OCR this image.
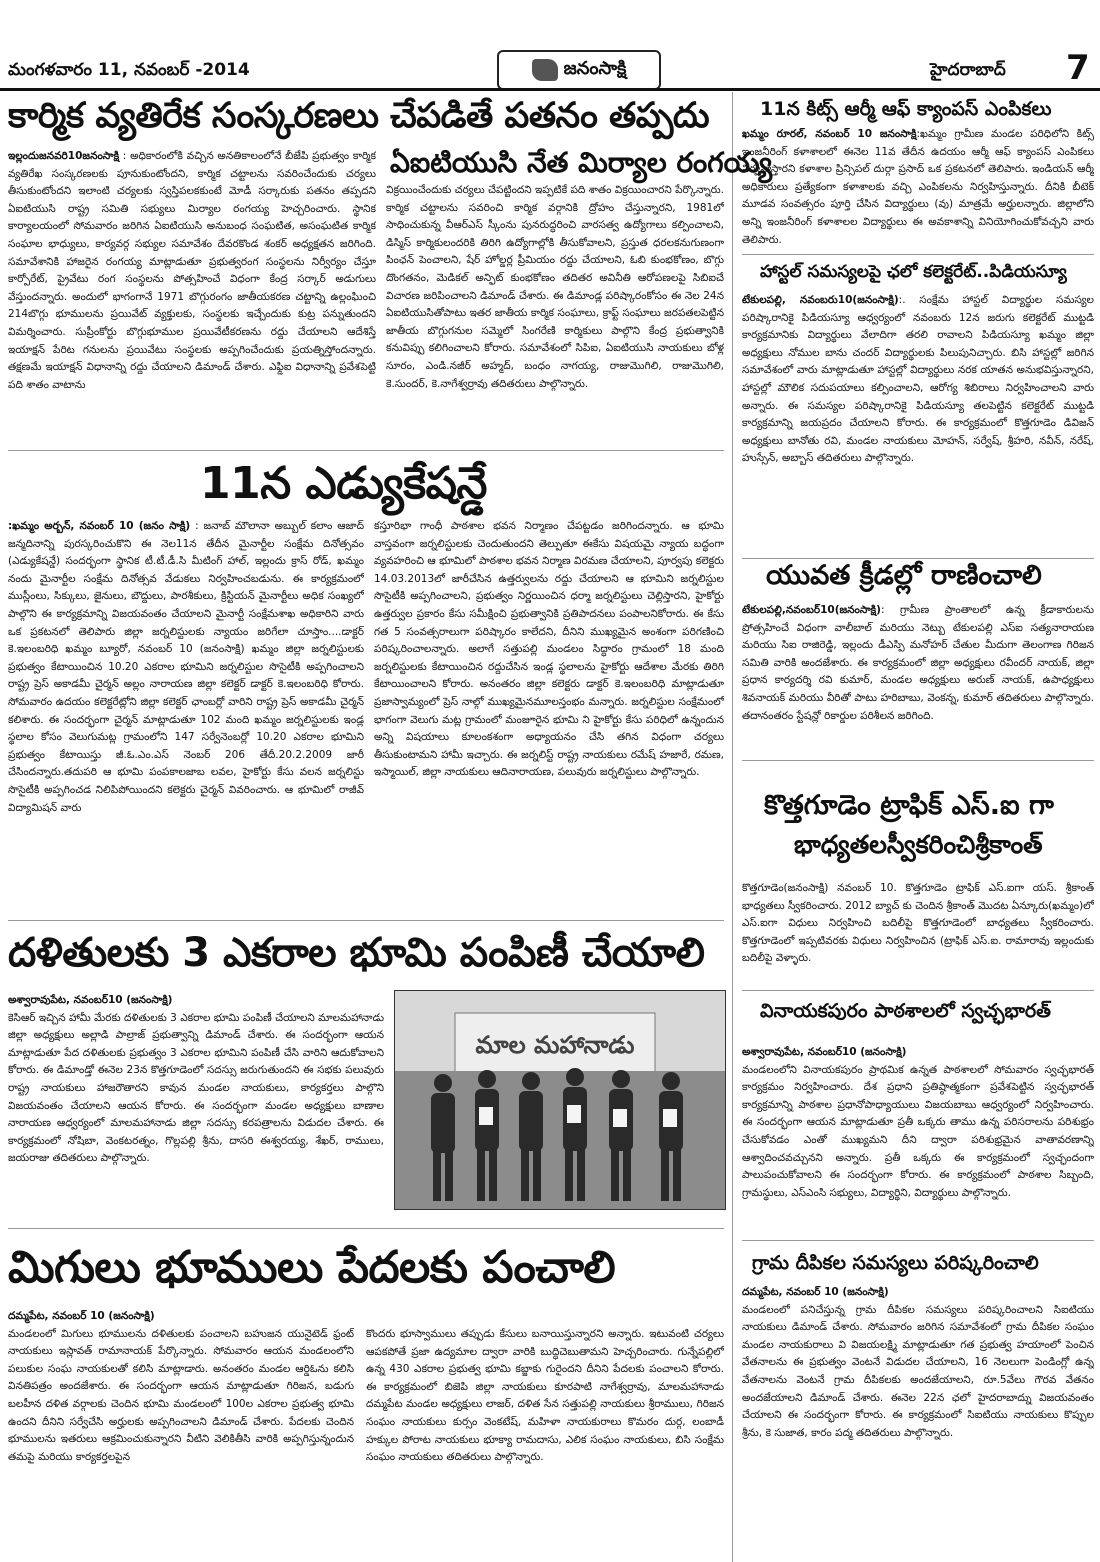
మంగళవారం 11, నవంబర్ -2014	జనంసాక్షి	హైదరాబాద్ 7
కార్మిక వ్యతిరేక సంస్కరణలు చేపడితే పతనం తప్పదు
ఏఐటియుసి నేత మిర్యాల రంగయ్య
ఇల్లందుజనవరి10జనంసాక్షి : అధికారంలోకి వచ్చిన అనతికాలంలోనే బీజేపి ప్రభుత్వం కార్మిక వ్యతిరేఖ సంస్కరణలకు పూనుకుంటోందని, కార్మిక చట్టాలను సవరించేందుకు చర్యలు తీసుకుంటోందని ఇలాంటి చర్యలకు స్వస్తిపలకకుంటే మోడీ సర్కారుకు పతనం తప్పదని ఏఐటియుసి రాష్ట్ర సమితి సభ్యులు మిర్యాల రంగయ్య హెచ్చరించారు. స్థానిక కార్యాలయంలో సోమవారం జరిగిన ఏఐటియుసి అనుబంధ సంఘటిత, అసంఘటిత కార్మిక సంఘాల భాధ్యులు, కార్యవర్గ సభ్యుల సమావేశం దేవరకొండ శంకర్ అధ్యక్షతన జరిగింది. సమావేశానికి హాజరైన రంగయ్య మాట్లాడుతూ ప్రభుత్వరంగ సంస్థలను నిర్వీర్యం చేస్తూ కార్పోరేట్, ప్రైవేటు రంగ సంస్థలను పోత్సహించే విధంగా కేంద్ర సర్కార్ అడుగులు వేస్తుందన్నారు. అందులో భాగంగానే 1971 బొగ్గురంగం జాతీయకరణ చట్టాన్ని ఉల్లంఘించి 214బొగ్గు భూములను ప్రయివేట్ వ్యక్తులకు, సంస్థలకు ఇచ్చేందుకు కుట్ర పన్నుతుందని విమర్శించారు. సుప్రీంకోర్టు బొగ్గుభూముల ప్రయివేటీకరణను రద్దు చేయాలని ఆదేశిస్తే ఇయాక్షన్ పేరిట గనులను ప్రయివేటు సంస్థలకు అప్పగించేందుకు ప్రయత్నిస్తోందన్నారు. తక్షణమే ఇయాక్షన్ విధానాన్ని రద్దు చేయాలని డిమాండ్ చేశారు. ఎఫ్డిఐ విధానాన్ని ప్రవేశపెట్టి పది శాతం వాటాను
విక్రయించేందుకు చర్యలు చేపట్టిందని ఇప్పటికే పది శాతం విక్రయించారని పేర్కొన్నారు. కార్మిక చట్టాలను సవరించి కార్మిక వర్గానికి ద్రోహం చేస్తున్నారని, 1981లో సాధించుకున్న వీఆర్ఎస్ స్కీంను పునరుద్ధరించి వారసత్వ ఉద్యోగాలు కల్పించాలని, డిస్మిస్ కార్మికులందరికి తిరిగి ఉద్యోగాల్లోకి తీసుకోవాలని, ప్రస్తుత ధరలకనుగుణంగా పింఛన్ పెంచాలని, షేర్ హోల్డర్ల ప్రీమియం రద్దు చేయాలని, ఓబి కుంభకోణం, బొగ్గు దొంగతనం, మెడికల్ అన్ఫిట్ కుంభకోణం తదితర అవినీతి ఆరోపణలపై సిబిఐచే విచారణ జరిపించాలని డిమాండ్ చేశారు. ఈ డిమాండ్ల పరిష్కారంకోసం ఈ నెల 24న ఏఐటియుసితోపాటు ఇతర జాతీయ కార్మిక సంఘాలు, క్రాఫ్ట్ సంఘాలు జరపతలపెట్టిన జాతీయ బొగ్గుగనుల సమ్మెలో సింగరేణి కార్మికులు పాల్గొని కేంద్ర ప్రభుత్వానికి కనువిప్పు కలిగించాలని కోరారు. సమావేశంలో సిపిఐ, ఏఐటియుసి నాయకులు బోళ్ల సూరం, ఎండి.నజీర్ అహ్మద్, బంధం నాగయ్య, రాజుమొగిలి, రాజుమొగిలి, కె.సుందర్, కె.నాగేశ్వర్రావు తదితరులు పాల్గొన్నారు.
11న ఎడ్యుకేషన్డే
:ఖమ్మం అర్బన్, నవంబర్ 10 (జనం సాక్షి) : జనాబ్ మౌలానా అబ్బుల్ కలాం ఆజాద్ జన్మదినాన్ని పురస్కరించుకొని ఈ నెల11న తేదీన మైనార్టీల సంక్షేమ దినోత్సవం (ఎడ్యుకేషన్డే) సందర్భంగా స్థానిక టీ.టీ.డీ.సి మీటింగ్ హాల్, ఇల్లందు క్రాస్ రోడ్, ఖమ్మం నందు మైనార్టీల సంక్షేమ దినోత్సవ వేడుకలు నిర్వహించబడును. ఈ కార్యక్రమంలో ముస్లీంలు, సిక్కులు, జైనులు, బౌద్దులు, పారశీకులు, క్రిస్టియన్ మైనార్టీలు అధిక సంఖ్యలో పాల్గొని ఈ కార్యక్రమాన్ని విజయవంతం చేయాలని మైనార్టీ సంక్షేమశాఖ అధికారిని వారు ఒక ప్రకటనలో తెలిపారు జిల్లా జర్నలిస్టులకు న్యాయం జరిగేలా చూస్తాం....డాక్టర్ కె.ఇలంబరిధి ఖమ్మం బ్యూరో, నవంబర్ 10 (జనంసాక్షి) ఖమ్మం జిల్లా జర్నలిస్టులకు ప్రభుత్వం కేటాయించిన 10.20 ఎకరాల భూమిని జర్నలిస్టుల సొసైటీకి అప్పగించాలని రాష్ట్ర ప్రెస్ అకాడమీ చైర్మన్ అల్లం నారాయణ జిల్లా కలెక్టర్ డాక్టర్ కె.ఇలంబరిధి కోరారు. సోమవారం ఉదయం కలెక్టరేట్లోని జిల్లా కలెక్టర్ ఛాంబర్లో వారిని రాష్ట్ర ప్రెస్ అకాడమీ చైర్మన్ కలిశారు. ఈ సందర్భంగా చైర్మన్ మాట్లాడుతూ 102 మంది ఖమ్మం జర్నలిస్టులకు ఇండ్ల స్థలాల కోసం వెలుగుమట్ల గ్రామంలోని 147 సర్వేనెంబర్లో 10.20 ఎకరాల భూమిని ప్రభుత్వం కేటాయిస్తు జీ.ఓ.ఎం.ఎస్ నెంబర్ 206 తేదీ.20.2.2009 జారీ చేసిందన్నారు.తదుపరి ఆ భూమి పంపకాలజాబ లవల, హైకోర్టు కేసు వలన జర్నలిస్టు సొసైటీకి అప్పగించడ నిలిపిపోయిందని కలెక్టరు చైర్మన్ వివరించారు. ఆ భూమిలో రాజీవ్ విద్యామిషన్ వారు
కస్తూరిభా గాంధీ పాఠశాల భవన నిర్మాణం చేపట్టడం జరిగిందన్నారు. ఆ భూమి వాస్తవంగా జర్నలిస్టులకు చెందుతుందని తెల్పుతూ ఈకేసు విషయమై న్యాయ బద్ధంగా వ్యవహరించి ఆ భూమిలో పాఠశాల భవన నిర్మాణ విరమణ చేయాలని, పూర్వపు కలెక్టరు 14.03.2013లో జారీచేసిన ఉత్తర్వులను రద్దు చేయాలని ఆ భూమిని జర్నలిస్టుల సొసైటీకి అప్పగించాలని, ప్రభుత్వం నిర్ణయించిన ధర్మా జర్నలిస్టులు చెల్లిస్తారని, హైకోర్టు ఉత్తర్వుల ప్రకారం కేసు సమీక్షించి ప్రభుత్వానికి ప్రతిపాదనలు పంపాలనికోరారు. ఈ కేసు గత 5 సంవత్సరాలుగా పరిష్కారం కాలేదని, దీనిని ముఖ్యమైన అంశంగా పరిగణించి పరిష్కరించాలన్నారు. అలాగే సత్తుపల్లి మండలం సిద్ధారం గ్రామంలో 18 మంది జర్నలిస్టులకు కేటాయించిన రద్దుచేసిన ఇండ్ల స్థలాలను హైకోర్టు ఆదేశాల మేరకు తిరిగి కేటాయించాలని కోరారు. అనంతరం జిల్లా కలెక్టరు డాక్టర్ కె.ఇలంబరిధి మాట్లాడుతూ ప్రజాస్వామ్యంలో ప్రెస్ నాల్గో ముఖ్యమైనమూలస్తంభం మన్నారు. జర్నలిస్టుల సంక్షేమంలో భాగంగా వెలుగు మట్ల గ్రామంలో మంజూరైన భూమి ని హైకోర్టు కేసు పరిధిలో ఉన్నందున అన్ని విషయాలు కూలంకశంగా అధ్యాయనం చేసి తగిన విధంగా చర్యలు తీసుకుంటామని హామీ ఇచ్చారు. ఈ జర్నలిస్ట్ రాష్ట్ర నాయకులు రమేష్ హజారే, రమణ, ఇస్మాయిల్, జిల్లా నాయకులు ఆదినారాయణ, పలువురు జర్నలిస్టులు పాల్గొన్నారు.
దళితులకు 3 ఎకరాల భూమి పంపిణీ చేయాలి
అశ్వారావుపేట, నవంబర్10 (జనంసాక్షి)
కెసిఆర్ ఇచ్చిన హామీ మేరకు దళితులకు 3 ఎకరాల భూమి పంపిణీ చేయాలని మాలమహానాడు జిల్లా అధ్యక్షులు అల్లాడి పాల్రాజ్ ప్రభుత్వాన్ని డిమాండ్ చేశారు. ఈ సందర్భంగా ఆయన మాట్లాడుతూ పేద దళితులకు ప్రభుత్వం 3 ఎకరాల భూమిని పంపిణీ చేసి వారిని ఆదుకోవాలని కోరారు. ఈ డిమాండ్తో ఈనెల 23న కొత్తగూడెంలో సదస్సు జరుగుతుందని ఈ సభకు పలువురు రాష్ట్ర నాయకులు హాజరౌతారని కావున మండల నాయకులు, కార్యకర్తలు పాల్గొని విజయవంతం చేయాలని ఆయన కోరారు. ఈ సందర్భంగా మండల అధ్యక్షులు బాణాల నారాయణ ఆధ్వర్యంలో మాలమహానాడు జిల్లా సదస్సు కరపత్రాలను విడుదల చేశారు. ఈ కార్యక్రమంలో నోషిబా, వెంకటరత్నం, గొల్లపల్లి శ్రీను, దాసరి ఈశ్వరయ్య, శేఖర్, రాములు, జయరాజు తదితరులు పాల్గొన్నారు.
మాల మహానాడు
మిగులు భూములు పేదలకు పంచాలి
దమ్మపేట, నవంబర్ 10 (జనంసాక్షి)
మండలంలో మిగులు భూములను దళితులకు పంచాలని బహుజన యునైటెడ్ ఫ్రంట్ నాయకులు ఇస్లావత్ రామానాయక్ పేర్కొన్నారు. సోమవారం ఆయన మండలంలోని పలుకుల సంఘ నాయకులతో కలిసి మాట్లాడారు. అనంతరం మండల ఆర్డిఓను కలిసి వినతిపత్రం అందజేశారు. ఈ సందర్భంగా ఆయన మాట్లాడుతూ గిరిజన, బడుగు బలహీన దళిత వర్గాలకు చెందిన భూమి మండలంలో 100ల ఎకరాల ప్రభుత్వ భూమి ఉందని దీనిని సర్వేచేసి అర్హులకు అప్పగించాలని డిమాండ్ చేశారు. పేదలకు చెందిన భూములను ఇతరులు ఆక్రమించుకున్నారని వీటిని వెలికితీసి వారికి అప్పగిస్తున్నందున తమపై మరియు కార్యకర్తలపైన
కొందరు భూస్వాములు తప్పుడు కేసులు బనాయిస్తున్నారని అన్నారు. ఇటువంటి చర్యలు ఆపకపోతే ప్రజా ఉద్యమాల ద్వారా వారికి బుద్ధిచెబుతామని హెచ్చరించారు. గున్నేపల్లిలో ఉన్న 430 ఎకరాల ప్రభుత్వ భూమి కబ్జాకు గురైందని దీనిని పేదలకు పంచాలని కోరారు. ఈ కార్యక్రమంలో బిజెపి జిల్లా నాయకులు కూరపాటి నాగేశ్వర్రావు, మాలమహానాడు దమ్మపేట మండల అధ్యక్షులు లాజర్, దళిత సేన సత్తుపల్లి నాయకులు శ్రీరాములు, గిరిజన సంఘం నాయకులు కుర్సం వెంకటేష్, మహిళా నాయకురాలు కొమరం దుర్గ, లంబాడీ హక్కుల పోరాట నాయకులు భూక్యా రామదాసు, ఎలిక సంఘం నాయకులు, బిసి సంక్షేమ సంఘం నాయకులు తదితరులు పాల్గొన్నారు.
11న కిట్స్ ఆర్మీ ఆఫ్ క్యాంపస్ ఎంపికలు
ఖమ్మం రూరల్, నవంబర్ 10 జనంసాక్షి:ఖమ్మం గ్రామీణ మండల పరిధిలోని కిట్స్ ఇంజనీరింగ్ కళాశాలలో ఈనెల 11వ తేదీన ఉదయం ఆర్మీ ఆఫ్ క్యాంపస్ ఎంపికలు నిర్వహిస్తారని కళాశాల ప్రిన్సిపల్ దుర్గా ప్రసాద్ ఒక ప్రకటనలో తెలిపారు. ఇండియన్ ఆర్మీ అధికారులు ప్రత్యేకంగా కళాశాలకు వచ్చి ఎంపికలను నిర్వహిస్తున్నారు. దీనికి బీటెక్ మూడవ సంవత్సరం పూర్తి చేసిన విద్యార్థులు (వు) మాత్రమే అర్హులన్నారు. జిల్లాలోని అన్ని ఇంజనీరింగ్ కళాశాలల విద్యార్థులు ఈ అవకాశాన్ని వినియోగించుకోవచ్చని వారు తెలిపారు.
హాస్టల్ సమస్యలపై ఛలో కలెక్టరేట్..పిడియస్యూ
టేకులపల్లి, నవంబరు10(జనంసాక్షి):. సంక్షేమ హాస్టల్ విద్యార్థుల సమస్యల పరిష్కారానికై పిడియస్యూ ఆధ్వర్యంలో నవంబరు 12న జరుగు కలెక్టరేట్ ముట్టడి కార్యక్రమానికు విద్యార్థులు వేలాదిగా తరలి రావాలని పిడియస్యూ ఖమ్మం జిల్లా అధ్యక్షులు నోముల బాను చందర్ విద్యార్థులకు పిలుపునిచ్చారు. బిసి హాస్టల్లో జరిగిన సమావేశంలో వారు మాట్లాడుతూ హాస్టల్లో విద్యార్థులు నరక యాతన అనుభవిస్తున్నారని, హాస్టల్లో మౌలిక సదుపయాలు కల్పించాలని, ఆరోగ్య శిబిరాలు నిర్వహించాలని వారు అన్నారు. ఈ సమస్యల పరిష్కారానికై పిడియస్యూ తలపెట్టిన కలెక్టరేట్ ముట్టడి కార్యక్రమాన్ని జయప్రదం చేయాలని కోరారు. ఈ కార్యక్రమంలో కొత్తగూడెం డివిజన్ అధ్యక్షులు బానోతు రవి, మండల నాయకులు మోహన్, సర్వేష్, శ్రీహరి, నవీన్, నరేష్, హుస్సేన్, అబ్బాస్ తదితరులు పాల్గొన్నారు.
యువత క్రీడల్లో రాణించాలి
టేకులపల్లి,నవంబర్10(జనంసాక్షి): గ్రామీణ ప్రాంతాలలో ఉన్న క్రీడాకారులను ప్రోత్సహించే విధంగా వాలీబాల్ మరియు నెట్బు టేకులపల్లి ఎస్ఐ సత్యనారాయణ మరియు సిఐ రాజిరెడ్డి, ఇల్లందు డీఎస్పి మనోహర్ చేతుల మీదుగా తెలంగాణ గిరిజన సమితి వారికి అందజేశారు. ఈ కార్యక్రమంలో జిల్లా అధ్యక్షులు రవీందర్ నాయక్, జిల్లా ప్రధాన కార్యదర్శి రవి కుమార్, మండల అధ్యక్షులు అరుణ్ నాయక్, ఉపాధ్యక్షులు శివనాయక్ మరియు వీరితో పాటు హరిబాబు, వెంకన్న, కుమార్ తదితరులు పాల్గొన్నారు. తదానంతరం స్టేషన్లో రికార్డుల పరిశీలన జరిగింది.
కొత్తగూడెం ట్రాఫిక్ ఎస్.ఐ గా
భాధ్యతలస్వీకరించిశ్రీకాంత్
కొత్తగూడెం(జనంసాక్షి) నవంబర్ 10. కొత్తగూడెం ట్రాఫిక్ ఎస్.ఐగా యస్. శ్రీకాంత్ భాధ్యతలు స్వీకరించారు. 2012 బ్యాచ్ కు చెందిన శ్రీకాంత్ మొదట ఏన్కూరు(ఖమ్మం)లో ఎస్.ఐగా విధులు నిర్వహించి బదిలీపై కొత్తగూడెంలో బాధ్యతలు స్వీకరించారు. కొత్తగూడెంలో ఇప్పటివరకు విధులు నిర్వహించిన (ట్రాఫిక్ ఎస్.ఐ. రామారావు ఇల్లందుకు బదిలీపై వెళ్ళారు.
వినాయకపురం పాఠశాలలో స్వచ్ఛభారత్
అశ్వారావుపేట, నవంబర్10 (జనంసాక్షి)
మండలంలోని వినాయకపురం ప్రాథమిక ఉన్నత పాఠశాలలో సోమవారం స్వచ్ఛభారత్ కార్యక్రమం నిర్వహించారు. దేశ ప్రధాని ప్రతిష్ఠాత్మకంగా ప్రవేశపెట్టిన స్వచ్ఛభారత్ కార్యక్రమాన్ని పాఠశాల ప్రధానోపాధ్యాయులు విజయబాబు ఆధ్వర్యంలో నిర్వహించారు. ఈ సందర్భంగా ఆయన మాట్లాడుతూ ప్రతీ ఒక్కరు తాము ఉన్న పరిసరాలను పరిశుభ్రం చేసుకోవడం ఎంతో ముఖ్యమని దీని ద్వారా పరిశుభ్రమైన వాతావరణాన్ని ఆశ్వాదించవచ్చునని అన్నారు. ప్రతీ ఒక్కరు ఈ కార్యక్రమంలో స్వచ్ఛందంగా పాలుపంచుకోవాలని ఈ సందర్భంగా కోరారు. ఈ కార్యక్రమంలో పాఠశాల సిబ్బంది, గ్రామస్థులు, ఎస్ఎంసి సభ్యులు, విద్యార్థిని, విద్యార్థులు పాల్గొన్నారు.
గ్రామ దీపికల సమస్యలు పరిష్కరించాలి
దమ్మపేట, నవంబర్ 10 (జనంసాక్షి)
మండలంలో పనిచేస్తున్న గ్రామ దీపికల సమస్యలు పరిష్కరించాలని సిఐటియు నాయకులు డిమాండ్ చేశారు. సోమవారం జరిగిన సమావేశంలో గ్రామ దీపికల సంఘం మండల నాయకురాలు వి విజయలక్ష్మి మాట్లాడుతూ గత ప్రభుత్వ హయాంలో పెంచిన వేతనాలను ఈ ప్రభుత్వం వెంటనే విడుదల చేయాలని, 16 నెలలుగా పెండింగ్లో ఉన్న వేతనాలను వెంటనే గ్రామ దీపికలకు అందజేయాలని, రూ.5వేలు గౌరవ వేతనం అందజేయాలని డిమాండ్ చేశారు. ఈనెల 22న ఛలో హైదరాబాద్ను విజయవంతం చేయాలని ఈ సందర్భంగా కోరారు. ఈ కార్యక్రమంలో సిఐటియు నాయకులు కొప్పుల శ్రీను, కె సుజాత, కారం పద్మ తదితరులు పాల్గొన్నారు.
